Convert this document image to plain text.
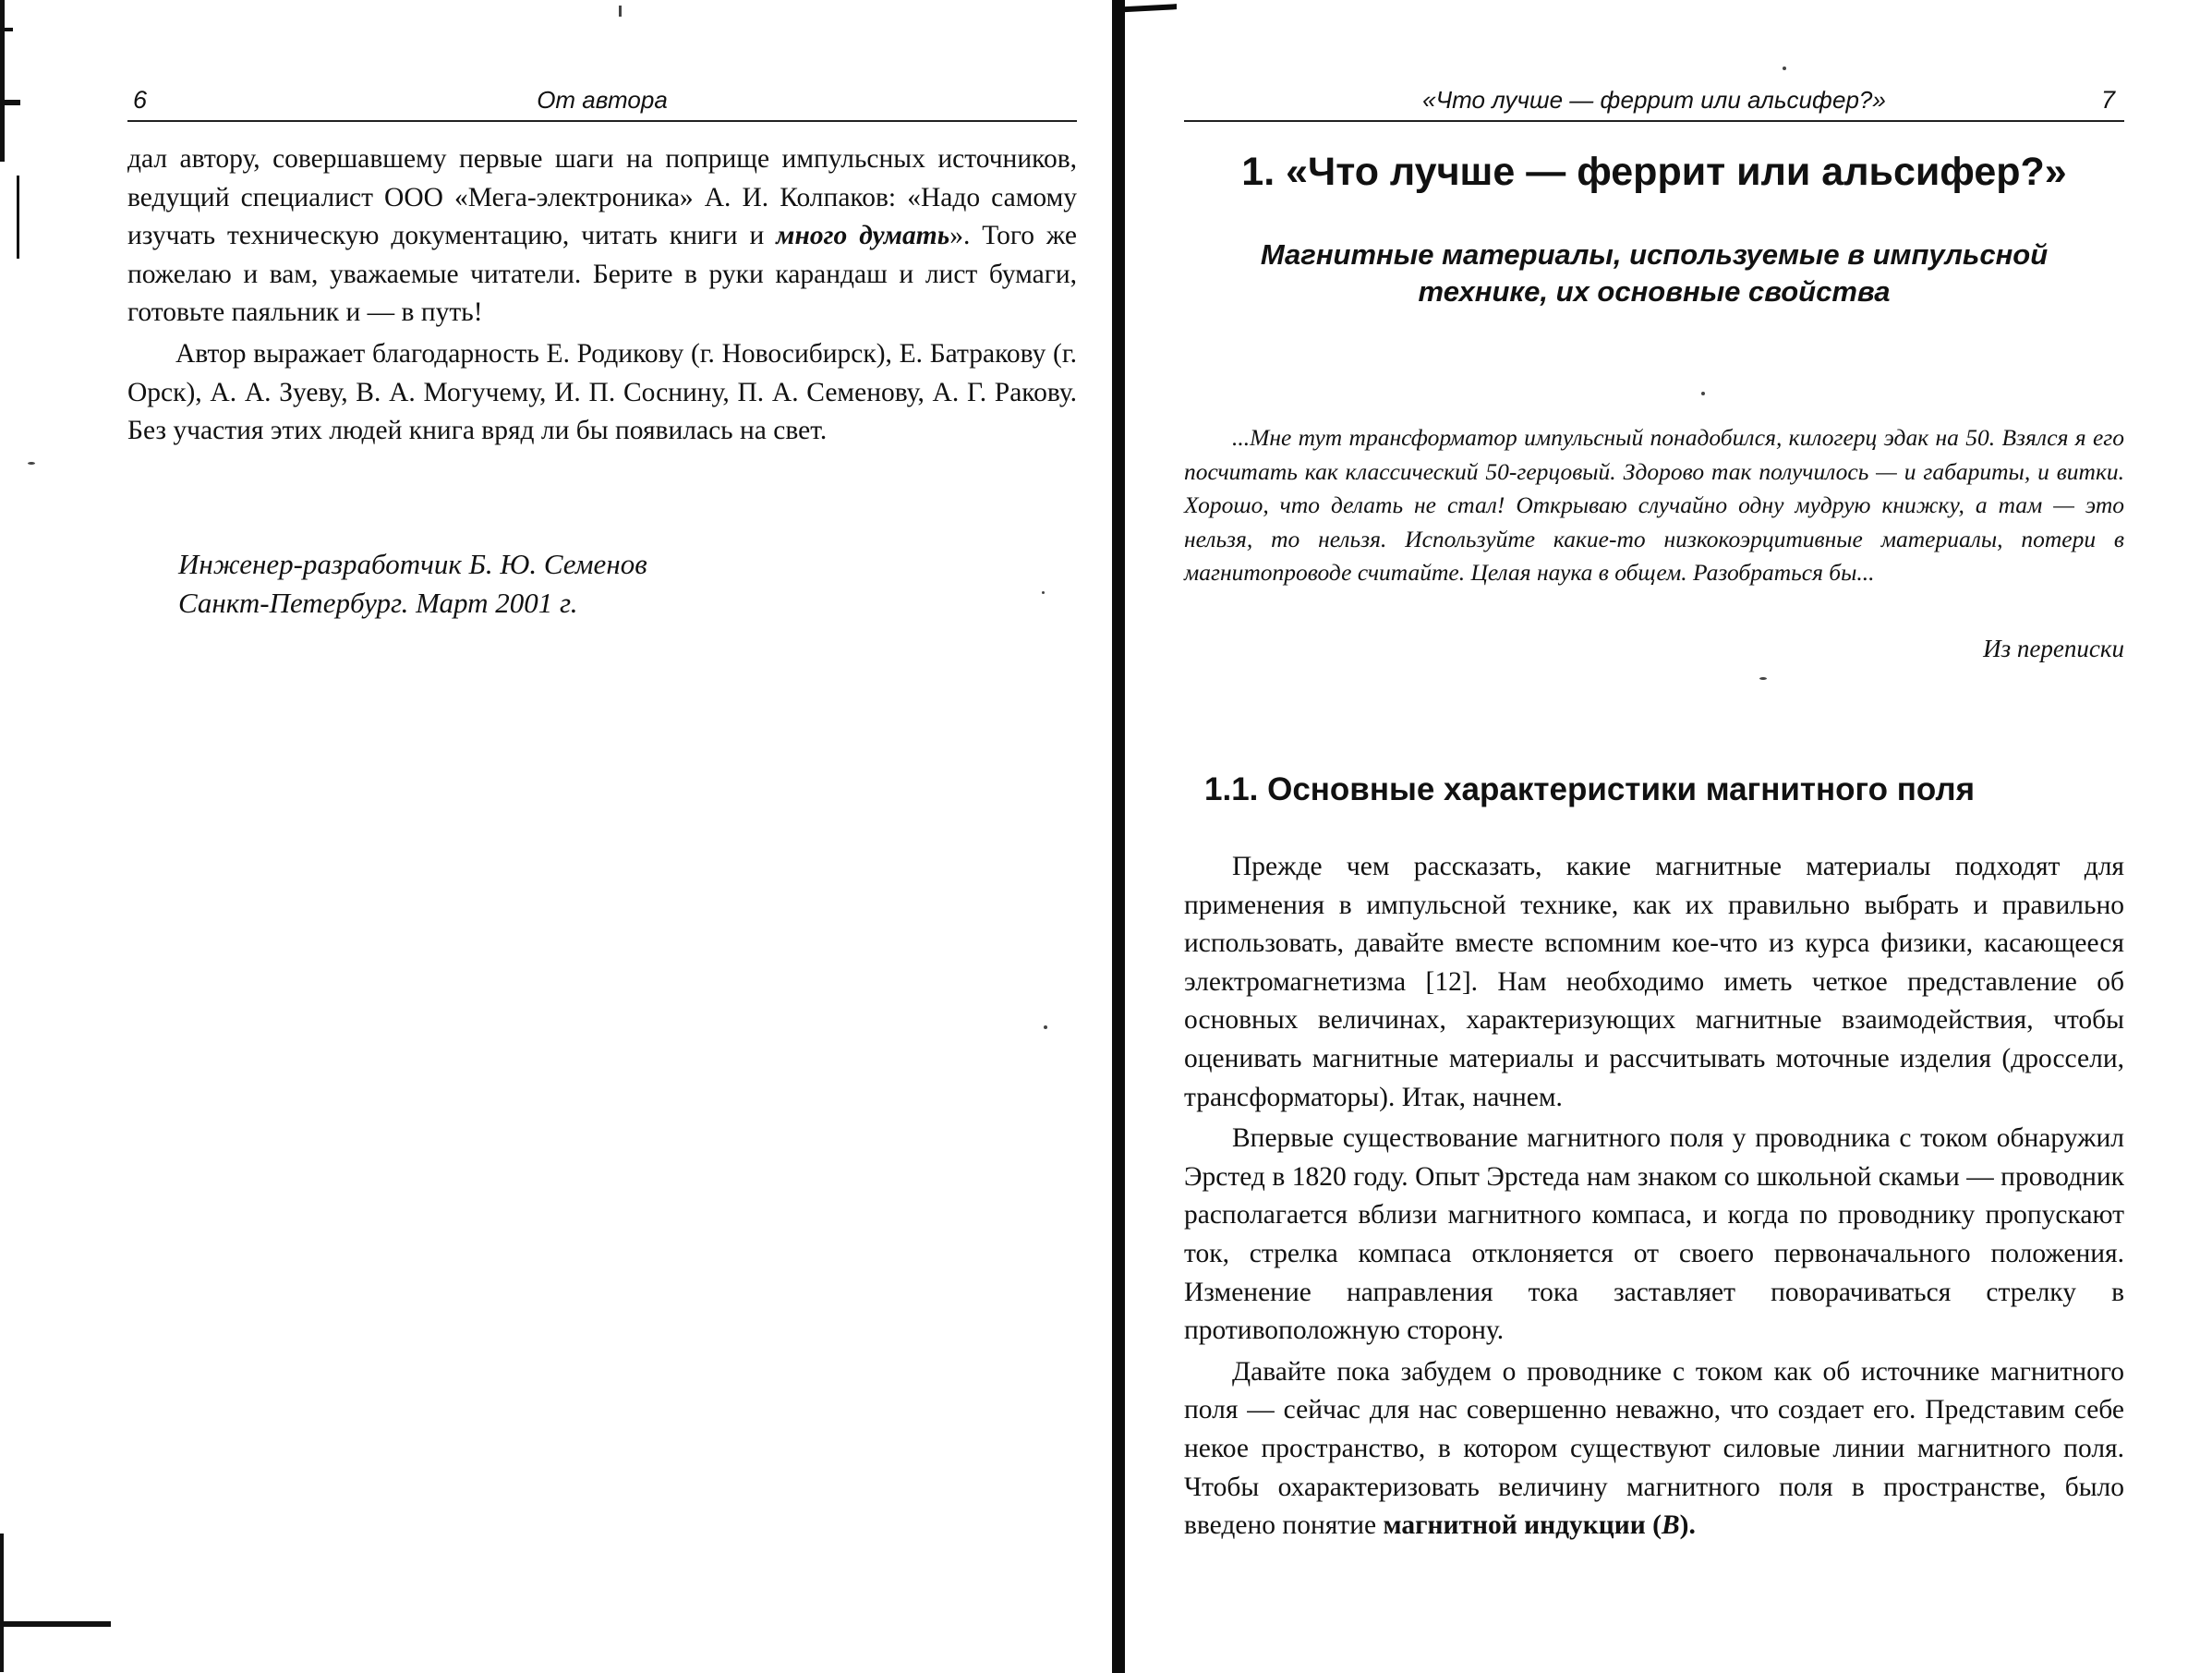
6	От автора

дал автору, совершавшему первые шаги на поприще импульсных источников, ведущий специалист ООО «Мега-электроника» А. И. Колпаков: «Надо самому изучать техническую документацию, читать книги и много думать». Того же пожелаю и вам, уважаемые читатели. Берите в руки карандаш и лист бумаги, готовьте паяльник и — в путь!

Автор выражает благодарность Е. Родикову (г. Новосибирск), Е. Батракову (г. Орск), А. А. Зуеву, В. А. Могучему, И. П. Соснину, П. А. Семенову, А. Г. Ракову. Без участия этих людей книга вряд ли бы появилась на свет.

Инженер-разработчик Б. Ю. Семенов
Санкт-Петербург. Март 2001 г.
«Что лучше — феррит или альсифер?»	7
1. «Что лучше — феррит или альсифер?»
Магнитные материалы, используемые в импульсной технике, их основные свойства

...Мне тут трансформатор импульсный понадобился, килогерц эдак на 50. Взялся я его посчитать как классический 50-герцовый. Здорово так получилось — и габариты, и витки. Хорошо, что делать не стал! Открываю случайно одну мудрую книжку, а там — это нельзя, то нельзя. Используйте какие-то низкокоэрцитивные материалы, потери в магнитопроводе считайте. Целая наука в общем. Разобраться бы...

Из переписки
1.1. Основные характеристики магнитного поля

Прежде чем рассказать, какие магнитные материалы подходят для применения в импульсной технике, как их правильно выбрать и правильно использовать, давайте вместе вспомним кое-что из курса физики, касающееся электромагнетизма [12]. Нам необходимо иметь четкое представление об основных величинах, характеризующих магнитные взаимодействия, чтобы оценивать магнитные материалы и рассчитывать моточные изделия (дроссели, трансформаторы). Итак, начнем.

Впервые существование магнитного поля у проводника с током обнаружил Эрстед в 1820 году. Опыт Эрстеда нам знаком со школьной скамьи — проводник располагается вблизи магнитного компаса, и когда по проводнику пропускают ток, стрелка компаса отклоняется от своего первоначального положения. Изменение направления тока заставляет поворачиваться стрелку в противоположную сторону.

Давайте пока забудем о проводнике с током как об источнике магнитного поля — сейчас для нас совершенно неважно, что создает его. Представим себе некое пространство, в котором существуют силовые линии магнитного поля. Чтобы охарактеризовать величину магнитного поля в пространстве, было введено понятие магнитной индукции (B).
